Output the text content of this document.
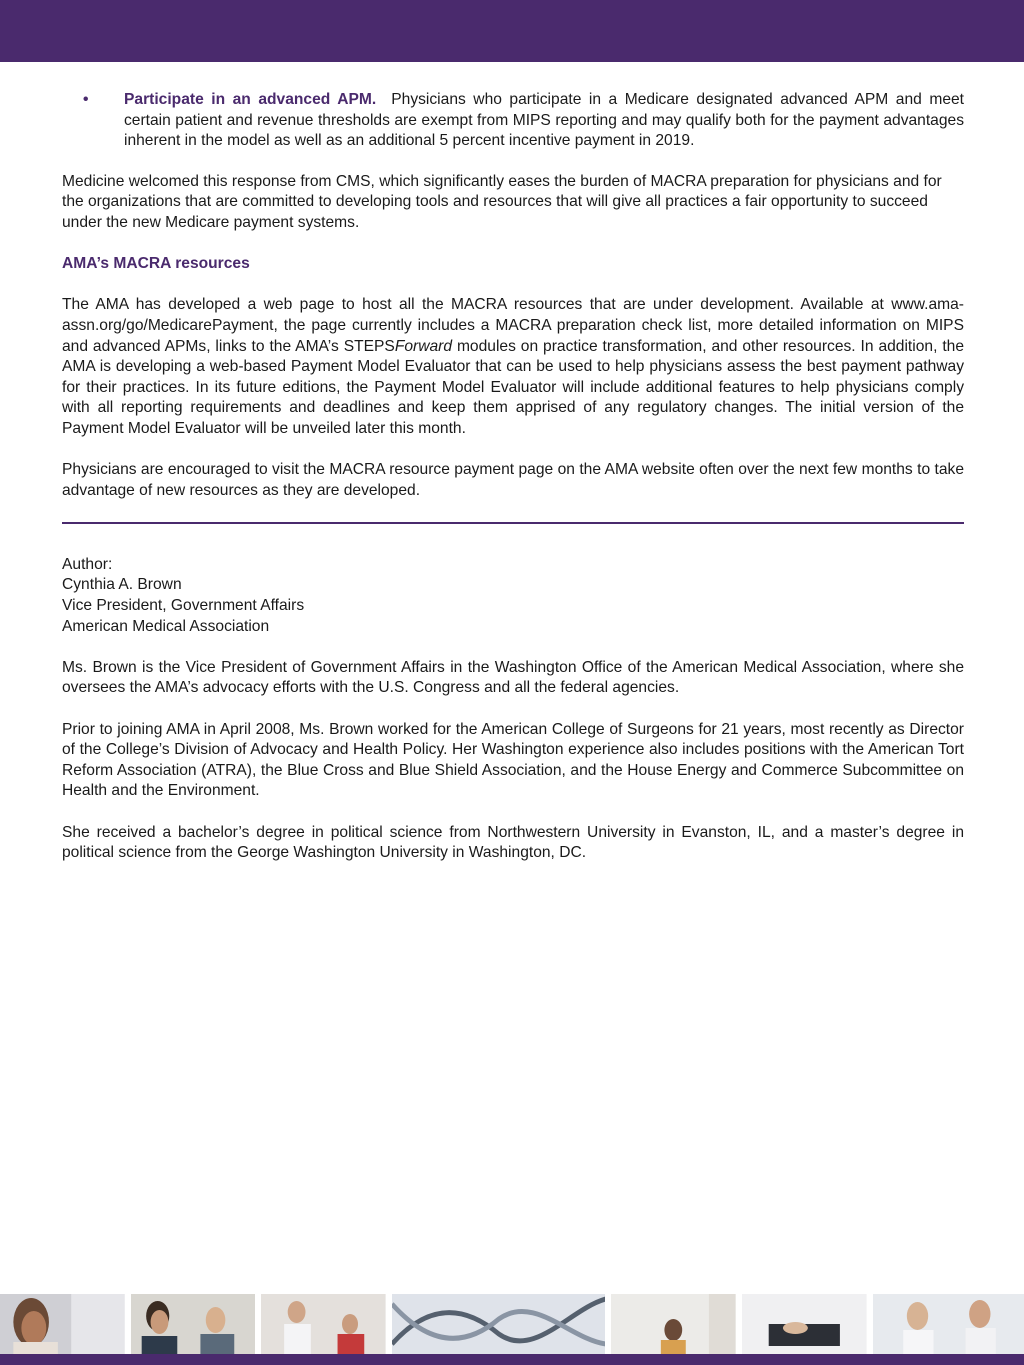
• Participate in an advanced APM. Physicians who participate in a Medicare designated advanced APM and meet certain patient and revenue thresholds are exempt from MIPS reporting and may qualify both for the payment advantages inherent in the model as well as an additional 5 percent incentive payment in 2019.

Medicine welcomed this response from CMS, which significantly eases the burden of MACRA preparation for physicians and for the organizations that are committed to developing tools and resources that will give all practices a fair opportunity to succeed under the new Medicare payment systems.

AMA’s MACRA resources

The AMA has developed a web page to host all the MACRA resources that are under development. Available at www.ama-assn.org/go/MedicarePayment, the page currently includes a MACRA preparation check list, more detailed information on MIPS and advanced APMs, links to the AMA’s STEPSForward modules on practice transformation, and other resources. In addition, the AMA is developing a web-based Payment Model Evaluator that can be used to help physicians assess the best payment pathway for their practices. In its future editions, the Payment Model Evaluator will include additional features to help physicians comply with all reporting requirements and deadlines and keep them apprised of any regulatory changes. The initial version of the Payment Model Evaluator will be unveiled later this month.

Physicians are encouraged to visit the MACRA resource payment page on the AMA website often over the next few months to take advantage of new resources as they are developed.

Author:

Cynthia A. Brown

Vice President, Government Affairs

American Medical Association

Ms. Brown is the Vice President of Government Affairs in the Washington Office of the American Medical Association, where she oversees the AMA’s advocacy efforts with the U.S. Congress and all the federal agencies.

Prior to joining AMA in April 2008, Ms. Brown worked for the American College of Surgeons for 21 years, most recently as Director of the College’s Division of Advocacy and Health Policy. Her Washington experience also includes positions with the American Tort Reform Association (ATRA), the Blue Cross and Blue Shield Association, and the House Energy and Commerce Subcommittee on Health and the Environment.

She received a bachelor’s degree in political science from Northwestern University in Evanston, IL, and a master’s degree in political science from the George Washington University in Washington, DC.
